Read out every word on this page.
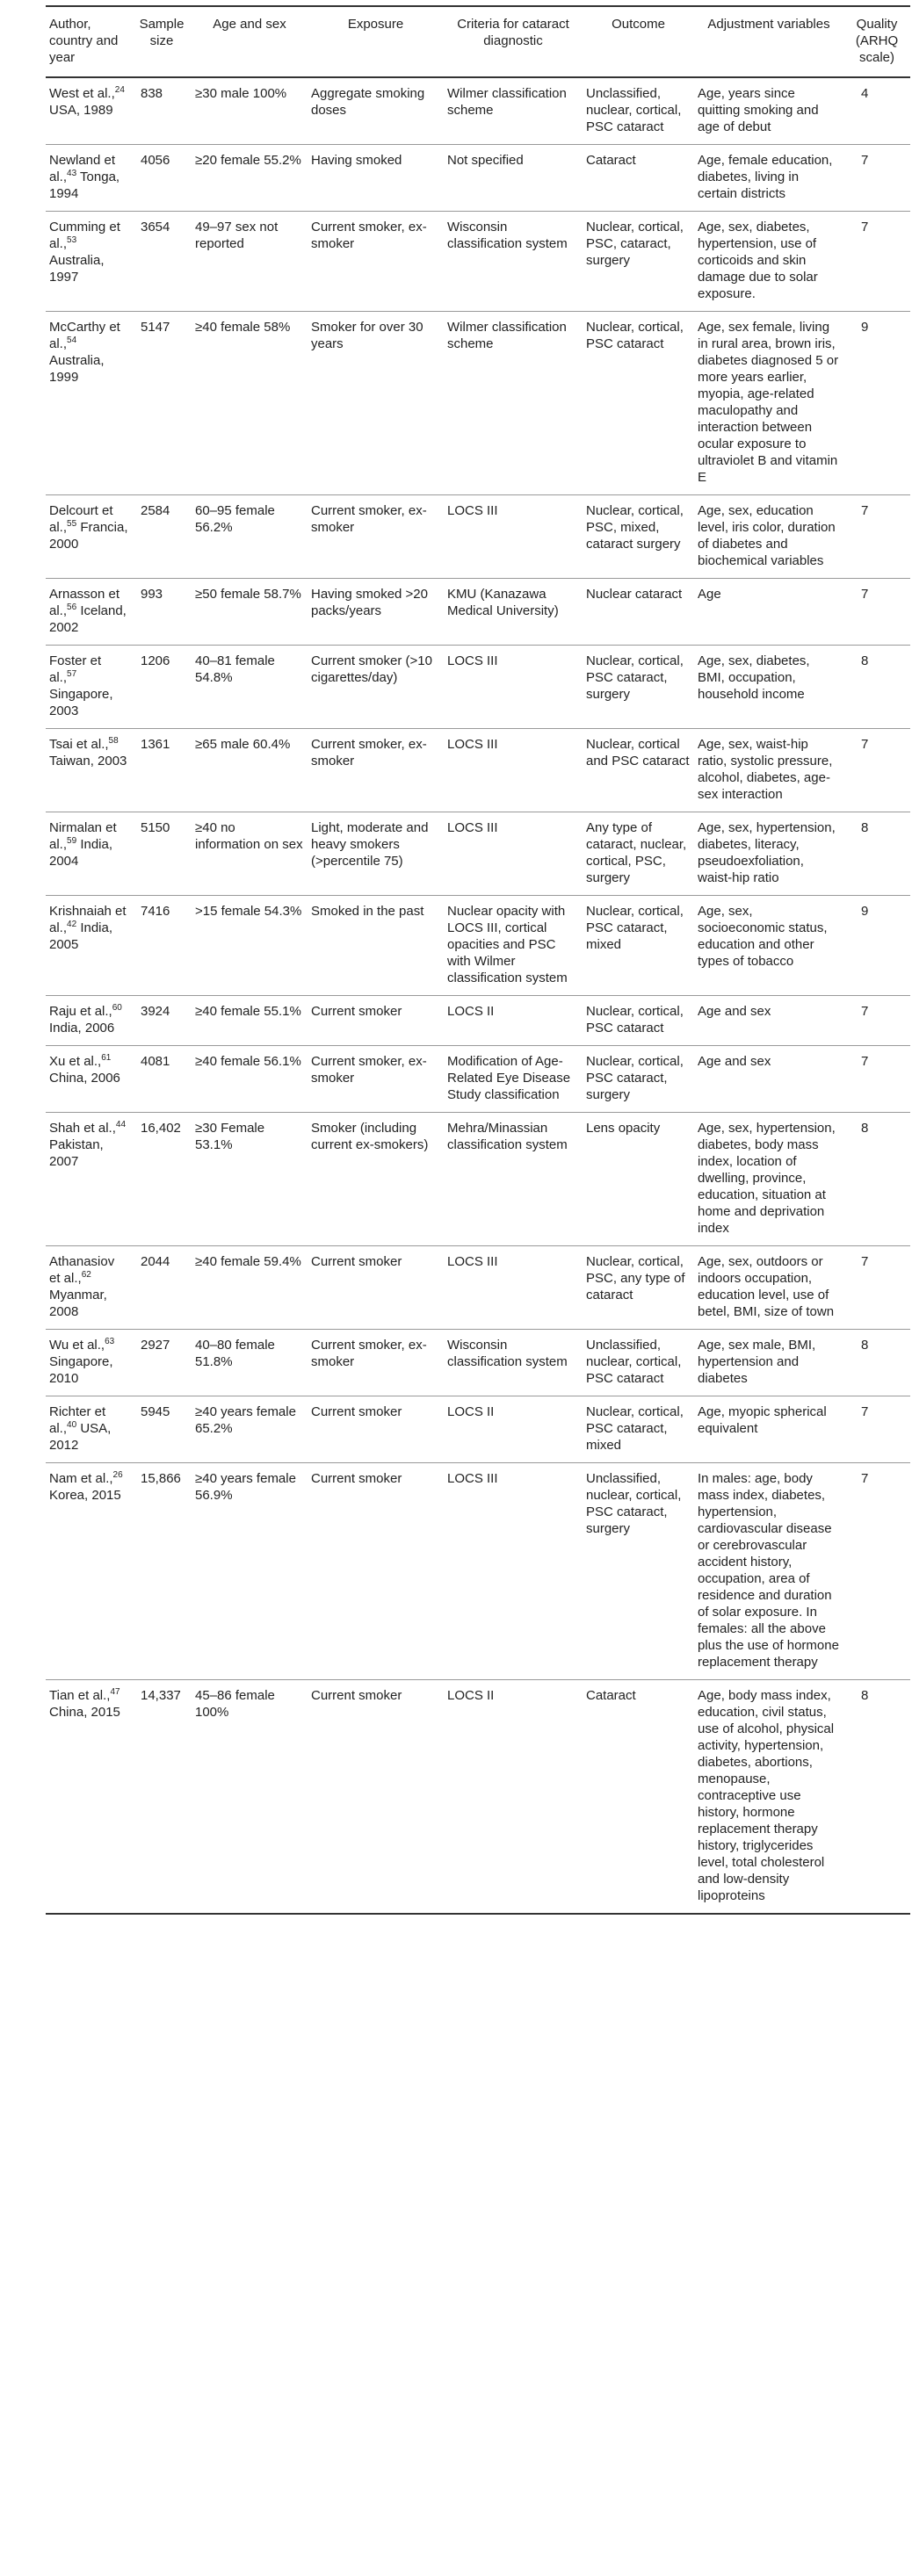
Author, country and year	Sample size	Age and sex	Exposure	Criteria for cataract diagnostic	Outcome	Adjustment variables	Quality (ARHQ scale)
West et al.,$^{24}$ USA, 1989	838	≥30 male 100%	Aggregate smoking doses	Wilmer classification scheme	Unclassified, nuclear, cortical, PSC cataract	Age, years since quitting smoking and age of debut	4
Newland et al.,$^{43}$ Tonga, 1994	4056	≥20 female 55.2%	Having smoked	Not specified	Cataract	Age, female education, diabetes, living in certain districts	7
Cumming et al.,$^{53}$ Australia, 1997	3654	49–97 sex not reported	Current smoker, ex-smoker	Wisconsin classification system	Nuclear, cortical, PSC, cataract, surgery	Age, sex, diabetes, hypertension, use of corticoids and skin damage due to solar exposure.	7
McCarthy et al.,$^{54}$ Australia, 1999	5147	≥40 female 58%	Smoker for over 30 years	Wilmer classification scheme	Nuclear, cortical, PSC cataract	Age, sex female, living in rural area, brown iris, diabetes diagnosed 5 or more years earlier, myopia, age-related maculopathy and interaction between ocular exposure to ultraviolet B and vitamin E	9
Delcourt et al.,$^{55}$ Francia, 2000	2584	60–95 female 56.2%	Current smoker, ex-smoker	LOCS III	Nuclear, cortical, PSC, mixed, cataract surgery	Age, sex, education level, iris color, duration of diabetes and biochemical variables	7
Arnasson et al.,$^{56}$ Iceland, 2002	993	≥50 female 58.7%	Having smoked >20 packs/years	KMU (Kanazawa Medical University)	Nuclear cataract	Age	7
Foster et al.,$^{57}$ Singapore, 2003	1206	40–81 female 54.8%	Current smoker (>10 cigarettes/day)	LOCS III	Nuclear, cortical, PSC cataract, surgery	Age, sex, diabetes, BMI, occupation, household income	8
Tsai et al.,$^{58}$ Taiwan, 2003	1361	≥65 male 60.4%	Current smoker, ex-smoker	LOCS III	Nuclear, cortical and PSC cataract	Age, sex, waist-hip ratio, systolic pressure, alcohol, diabetes, age-sex interaction	7
Nirmalan et al.,$^{59}$ India, 2004	5150	≥40 no information on sex	Light, moderate and heavy smokers (>percentile 75)	LOCS III	Any type of cataract, nuclear, cortical, PSC, surgery	Age, sex, hypertension, diabetes, literacy, pseudoexfoliation, waist-hip ratio	8
Krishnaiah et al.,$^{42}$ India, 2005	7416	>15 female 54.3%	Smoked in the past	Nuclear opacity with LOCS III, cortical opacities and PSC with Wilmer classification system	Nuclear, cortical, PSC cataract, mixed	Age, sex, socioeconomic status, education and other types of tobacco	9
Raju et al.,$^{60}$ India, 2006	3924	≥40 female 55.1%	Current smoker	LOCS II	Nuclear, cortical, PSC cataract	Age and sex	7
Xu et al.,$^{61}$ China, 2006	4081	≥40 female 56.1%	Current smoker, ex-smoker	Modification of Age-Related Eye Disease Study classification	Nuclear, cortical, PSC cataract, surgery	Age and sex	7
Shah et al.,$^{44}$ Pakistan, 2007	16,402	≥30 Female 53.1%	Smoker (including current ex-smokers)	Mehra/Minassian classification system	Lens opacity	Age, sex, hypertension, diabetes, body mass index, location of dwelling, province, education, situation at home and deprivation index	8
Athanasiov et al.,$^{62}$ Myanmar, 2008	2044	≥40 female 59.4%	Current smoker	LOCS III	Nuclear, cortical, PSC, any type of cataract	Age, sex, outdoors or indoors occupation, education level, use of betel, BMI, size of town	7
Wu et al.,$^{63}$ Singapore, 2010	2927	40–80 female 51.8%	Current smoker, ex-smoker	Wisconsin classification system	Unclassified, nuclear, cortical, PSC cataract	Age, sex male, BMI, hypertension and diabetes	8
Richter et al.,$^{40}$ USA, 2012	5945	≥40 years female 65.2%	Current smoker	LOCS II	Nuclear, cortical, PSC cataract, mixed	Age, myopic spherical equivalent	7
Nam et al.,$^{26}$ Korea, 2015	15,866	≥40 years female 56.9%	Current smoker	LOCS III	Unclassified, nuclear, cortical, PSC cataract, surgery	In males: age, body mass index, diabetes, hypertension, cardiovascular disease or cerebrovascular accident history, occupation, area of residence and duration of solar exposure. In females: all the above plus the use of hormone replacement therapy	7
Tian et al.,$^{47}$ China, 2015	14,337	45–86 female 100%	Current smoker	LOCS II	Cataract	Age, body mass index, education, civil status, use of alcohol, physical activity, hypertension, diabetes, abortions, menopause, contraceptive use history, hormone replacement therapy history, triglycerides level, total cholesterol and low-density lipoproteins	8
